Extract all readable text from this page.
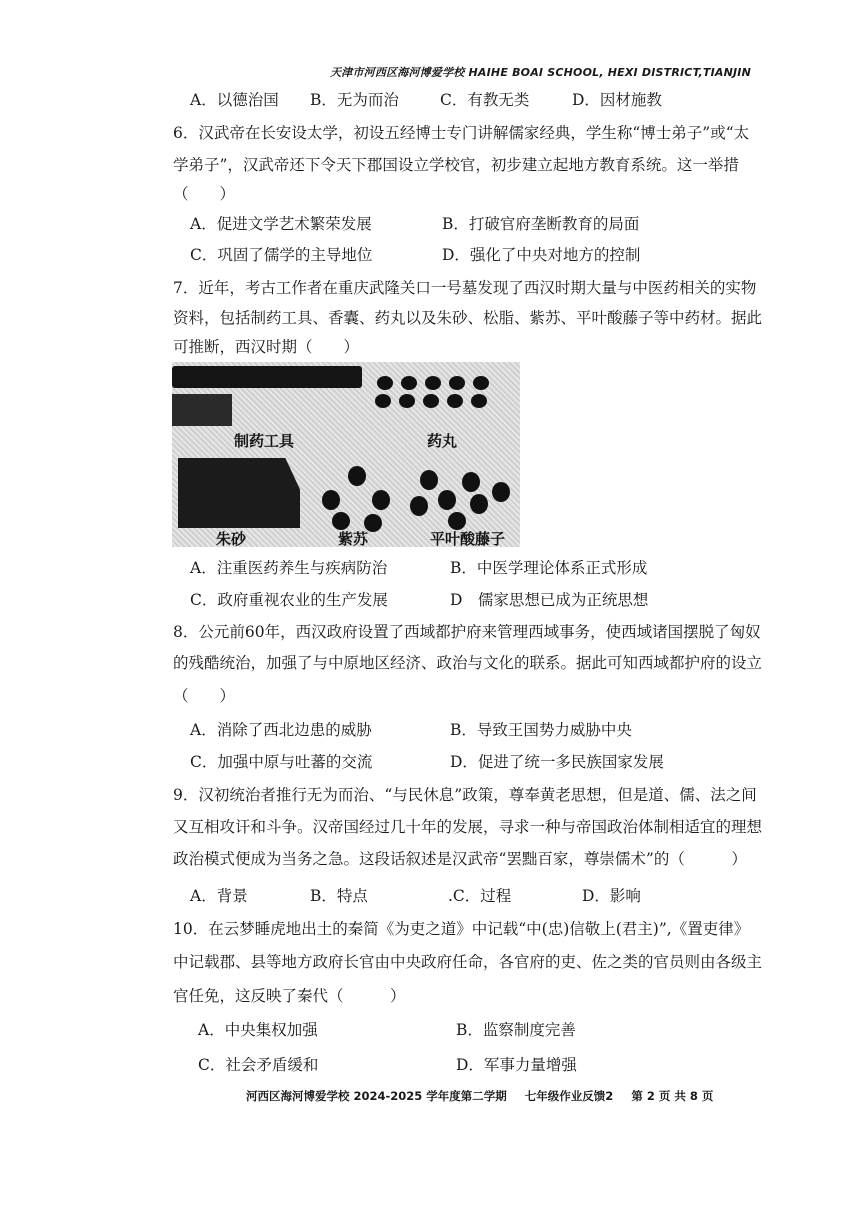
天津市河西区海河博爱学校 HAIHE BOAI SCHOOL, HEXI DISTRICT,TIANJIN
A．以德治国 B．无为而治	C．有教无类	D．因材施教
6．汉武帝在长安设太学，初设五经博士专门讲解儒家经典，学生称“博士弟子”或“太
学弟子”，汉武帝还下令天下郡国设立学校官，初步建立起地方教育系统。这一举措
（　　）
A．促进文学艺术繁荣发展	B．打破官府垄断教育的局面
C．巩固了儒学的主导地位	D．强化了中央对地方的控制
7．近年，考古工作者在重庆武隆关口一号墓发现了西汉时期大量与中医药相关的实物
资料，包括制药工具、香囊、药丸以及朱砂、松脂、紫苏、平叶酸藤子等中药材。据此
可推断，西汉时期（　　）
制药工具	药丸
朱砂	紫苏	平叶酸藤子
A．注重医药养生与疾病防治	B．中医学理论体系正式形成
C．政府重视农业的生产发展	D　儒家思想已成为正统思想
8．公元前60年，西汉政府设置了西域都护府来管理西域事务，使西域诸国摆脱了匈奴
的残酷统治，加强了与中原地区经济、政治与文化的联系。据此可知西域都护府的设立
（　　）
A．消除了西北边患的威胁	B．导致王国势力威胁中央
C．加强中原与吐蕃的交流	D．促进了统一多民族国家发展
9．汉初统治者推行无为而治、“与民休息”政策，尊奉黄老思想，但是道、儒、法之间
又互相攻讦和斗争。汉帝国经过几十年的发展，寻求一种与帝国政治体制相适宜的理想
政治模式便成为当务之急。这段话叙述是汉武帝“罢黜百家，尊崇儒术”的（　　　）
A．背景	B．特点	.C．过程	D．影响
10．在云梦睡虎地出土的秦简《为吏之道》中记载“中(忠)信敬上(君主)”,《置吏律》
中记载郡、县等地方政府长官由中央政府任命，各官府的吏、佐之类的官员则由各级主
官任免，这反映了秦代（　　　）
A．中央集权加强	B．监察制度完善
C．社会矛盾缓和	D．军事力量增强
河西区海河博爱学校 2024-2025 学年度第二学期 七年级作业反馈2 第 2 页 共 8 页
